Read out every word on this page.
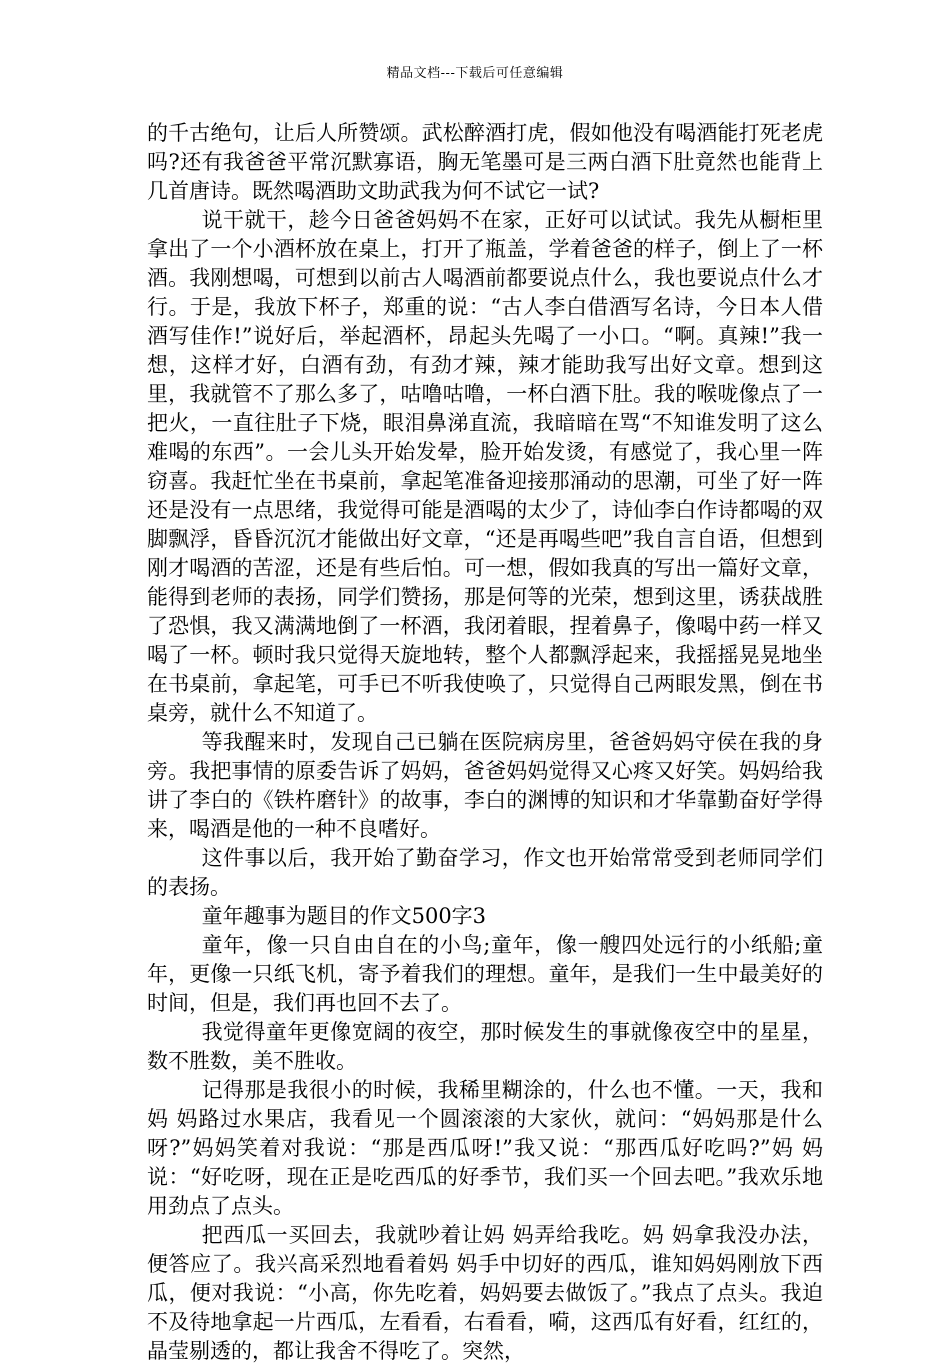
精品文档---下载后可任意编辑

的千古绝句，让后人所赞颂。武松醉酒打虎，假如他没有喝酒能打死老虎吗?还有我爸爸平常沉默寡语，胸无笔墨可是三两白酒下肚竟然也能背上几首唐诗。既然喝酒助文助武我为何不试它一试?

说干就干，趁今日爸爸妈妈不在家，正好可以试试。我先从橱柜里拿出了一个小酒杯放在桌上，打开了瓶盖，学着爸爸的样子，倒上了一杯酒。我刚想喝，可想到以前古人喝酒前都要说点什么，我也要说点什么才行。于是，我放下杯子，郑重的说：“古人李白借酒写名诗，今日本人借酒写佳作!”说好后，举起酒杯，昂起头先喝了一小口。“啊。真辣!”我一想，这样才好，白酒有劲，有劲才辣，辣才能助我写出好文章。想到这里，我就管不了那么多了，咕噜咕噜，一杯白酒下肚。我的喉咙像点了一把火，一直往肚子下烧，眼泪鼻涕直流，我暗暗在骂“不知谁发明了这么难喝的东西”。一会儿头开始发晕，脸开始发烫，有感觉了，我心里一阵窃喜。我赶忙坐在书桌前，拿起笔准备迎接那涌动的思潮，可坐了好一阵还是没有一点思绪，我觉得可能是酒喝的太少了，诗仙李白作诗都喝的双脚飘浮，昏昏沉沉才能做出好文章，“还是再喝些吧”我自言自语，但想到刚才喝酒的苦涩，还是有些后怕。可一想，假如我真的写出一篇好文章，能得到老师的表扬，同学们赞扬，那是何等的光荣，想到这里，诱获战胜了恐惧，我又满满地倒了一杯酒，我闭着眼，捏着鼻子，像喝中药一样又喝了一杯。顿时我只觉得天旋地转，整个人都飘浮起来，我摇摇晃晃地坐在书桌前，拿起笔，可手已不听我使唤了，只觉得自己两眼发黑，倒在书桌旁，就什么不知道了。

等我醒来时，发现自己已躺在医院病房里，爸爸妈妈守侯在我的身旁。我把事情的原委告诉了妈妈，爸爸妈妈觉得又心疼又好笑。妈妈给我讲了李白的《铁杵磨针》的故事，李白的渊博的知识和才华靠勤奋好学得来，喝酒是他的一种不良嗜好。

这件事以后，我开始了勤奋学习，作文也开始常常受到老师同学们的表扬。

童年趣事为题目的作文500字3

童年，像一只自由自在的小鸟;童年，像一艘四处远行的小纸船;童年，更像一只纸飞机，寄予着我们的理想。童年，是我们一生中最美好的时间，但是，我们再也回不去了。

我觉得童年更像宽阔的夜空，那时候发生的事就像夜空中的星星，数不胜数，美不胜收。

记得那是我很小的时候，我稀里糊涂的，什么也不懂。一天，我和妈 妈路过水果店，我看见一个圆滚滚的大家伙，就问：“妈妈那是什么呀?”妈妈笑着对我说：“那是西瓜呀!”我又说：“那西瓜好吃吗?”妈 妈说：“好吃呀，现在正是吃西瓜的好季节，我们买一个回去吧。”我欢乐地用劲点了点头。

把西瓜一买回去，我就吵着让妈 妈弄给我吃。妈 妈拿我没办法，便答应了。我兴高采烈地看着妈 妈手中切好的西瓜，谁知妈妈刚放下西瓜，便对我说：“小高，你先吃着，妈妈要去做饭了。”我点了点头。我迫不及待地拿起一片西瓜，左看看，右看看，嗬，这西瓜有好看，红红的，晶莹剔透的，都让我舍不得吃了。突然，
